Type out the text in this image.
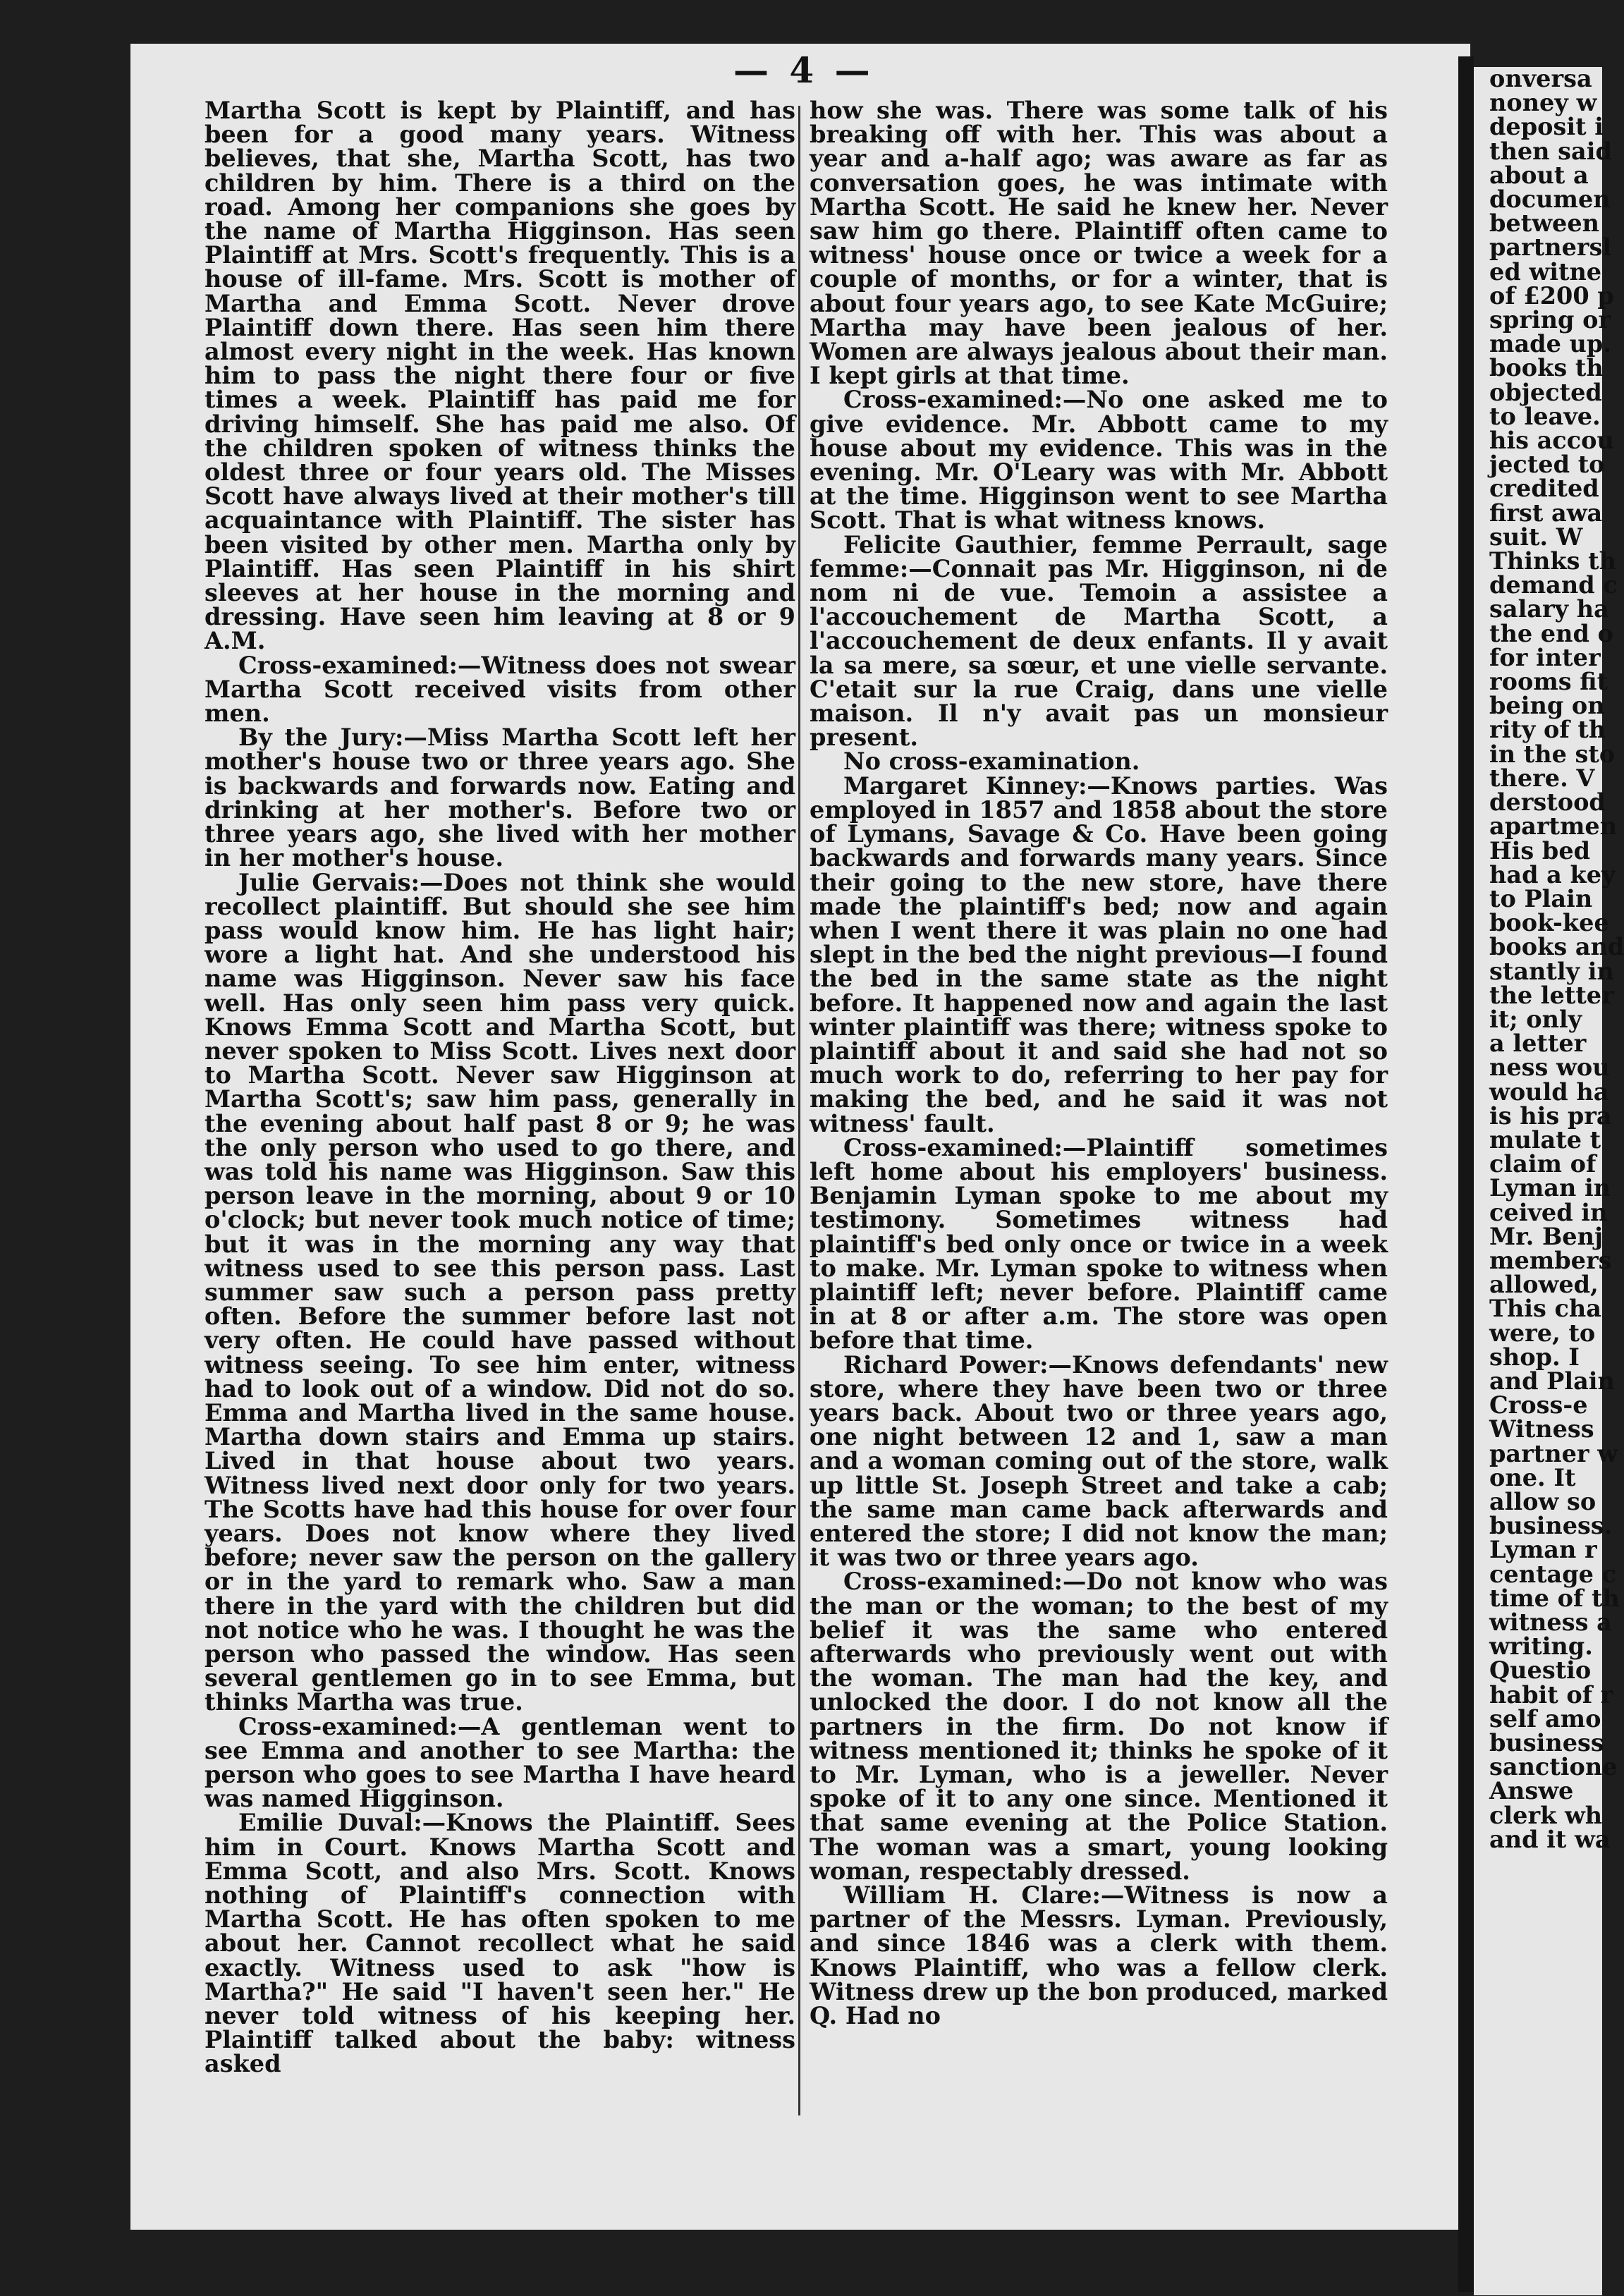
— 4 —

Martha Scott is kept by Plaintiff, and has been for a good many years. Witness believes, that she, Martha Scott, has two children by him. There is a third on the road. Among her companions she goes by the name of Martha Higginson. Has seen Plaintiff at Mrs. Scott's frequently. This is a house of ill-fame. Mrs. Scott is mother of Martha and Emma Scott. Never drove Plaintiff down there. Has seen him there almost every night in the week. Has known him to pass the night there four or five times a week. Plaintiff has paid me for driving himself. She has paid me also. Of the children spoken of witness thinks the oldest three or four years old. The Misses Scott have always lived at their mother's till acquaintance with Plaintiff. The sister has been visited by other men. Martha only by Plaintiff. Has seen Plaintiff in his shirt sleeves at her house in the morning and dressing. Have seen him leaving at 8 or 9 A.M.

Cross-examined:—Witness does not swear Martha Scott received visits from other men.

By the Jury:—Miss Martha Scott left her mother's house two or three years ago. She is backwards and forwards now. Eating and drinking at her mother's. Before two or three years ago, she lived with her mother in her mother's house.

Julie Gervais:—Does not think she would recollect plaintiff. But should she see him pass would know him. He has light hair; wore a light hat. And she understood his name was Higginson. Never saw his face well. Has only seen him pass very quick. Knows Emma Scott and Martha Scott, but never spoken to Miss Scott. Lives next door to Martha Scott. Never saw Higginson at Martha Scott's; saw him pass, generally in the evening about half past 8 or 9; he was the only person who used to go there, and was told his name was Higginson. Saw this person leave in the morning, about 9 or 10 o'clock; but never took much notice of time; but it was in the morning any way that witness used to see this person pass. Last summer saw such a person pass pretty often. Before the summer before last not very often. He could have passed without witness seeing. To see him enter, witness had to look out of a window. Did not do so. Emma and Martha lived in the same house. Martha down stairs and Emma up stairs. Lived in that house about two years. Witness lived next door only for two years. The Scotts have had this house for over four years. Does not know where they lived before; never saw the person on the gallery or in the yard to remark who. Saw a man there in the yard with the children but did not notice who he was. I thought he was the person who passed the window. Has seen several gentlemen go in to see Emma, but thinks Martha was true.

Cross-examined:—A gentleman went to see Emma and another to see Martha: the person who goes to see Martha I have heard was named Higginson.

Emilie Duval:—Knows the Plaintiff. Sees him in Court. Knows Martha Scott and Emma Scott, and also Mrs. Scott. Knows nothing of Plaintiff's connection with Martha Scott. He has often spoken to me about her. Cannot recollect what he said exactly. Witness used to ask "how is Martha?" He said "I haven't seen her." He never told witness of his keeping her. Plaintiff talked about the baby: witness asked

how she was. There was some talk of his breaking off with her. This was about a year and a-half ago; was aware as far as conversation goes, he was intimate with Martha Scott. He said he knew her. Never saw him go there. Plaintiff often came to witness' house once or twice a week for a couple of months, or for a winter, that is about four years ago, to see Kate McGuire; Martha may have been jealous of her. Women are always jealous about their man. I kept girls at that time.

Cross-examined:—No one asked me to give evidence. Mr. Abbott came to my house about my evidence. This was in the evening. Mr. O'Leary was with Mr. Abbott at the time. Higginson went to see Martha Scott. That is what witness knows.

Felicite Gauthier, femme Perrault, sage femme:—Connait pas Mr. Higginson, ni de nom ni de vue. Temoin a assistee a l'accouchement de Martha Scott, a l'accouchement de deux enfants. Il y avait la sa mere, sa sœur, et une vielle servante. C'etait sur la rue Craig, dans une vielle maison. Il n'y avait pas un monsieur present.

No cross-examination.

Margaret Kinney:—Knows parties. Was employed in 1857 and 1858 about the store of Lymans, Savage & Co. Have been going backwards and forwards many years. Since their going to the new store, have there made the plaintiff's bed; now and again when I went there it was plain no one had slept in the bed the night previous—I found the bed in the same state as the night before. It happened now and again the last winter plaintiff was there; witness spoke to plaintiff about it and said she had not so much work to do, referring to her pay for making the bed, and he said it was not witness' fault.

Cross-examined:—Plaintiff sometimes left home about his employers' business. Benjamin Lyman spoke to me about my testimony. Sometimes witness had plaintiff's bed only once or twice in a week to make. Mr. Lyman spoke to witness when plaintiff left; never before. Plaintiff came in at 8 or after a.m. The store was open before that time.

Richard Power:—Knows defendants' new store, where they have been two or three years back. About two or three years ago, one night between 12 and 1, saw a man and a woman coming out of the store, walk up little St. Joseph Street and take a cab; the same man came back afterwards and entered the store; I did not know the man; it was two or three years ago.

Cross-examined:—Do not know who was the man or the woman; to the best of my belief it was the same who entered afterwards who previously went out with the woman. The man had the key, and unlocked the door. I do not know all the partners in the firm. Do not know if witness mentioned it; thinks he spoke of it to Mr. Lyman, who is a jeweller. Never spoke of it to any one since. Mentioned it that same evening at the Police Station. The woman was a smart, young looking woman, respectably dressed.

William H. Clare:—Witness is now a partner of the Messrs. Lyman. Previously, and since 1846 was a clerk with them. Knows Plaintiff, who was a fellow clerk. Witness drew up the bon produced, marked Q. Had no

onversa
noney w
deposit i
then said
about a
documen
between
partnersl
ed witne
of £200 p
spring or
made up.
books th
objected
to leave.
his accou
jected to
credited
first awa
suit. W
Thinks th
demand c
salary ha
the end o
for inter
rooms fit
being on
rity of th
in the sto
there. V
derstood
apartmen
His bed
had a key
to Plain
book-kee
books and
stantly in
the letter
it; only
a letter
ness wou
would ha
is his pra
mulate t
claim of
Lyman in
ceived in
Mr. Benj
members
allowed,
This cha
were, to
shop. I
and Plain
Cross-e
Witness
partner w
one. It
allow so
business.
Lyman r
centage c
time of th
witness a
writing.
Questio
habit of r
self amo
business
sanctione
Answe
clerk wh
and it wa
